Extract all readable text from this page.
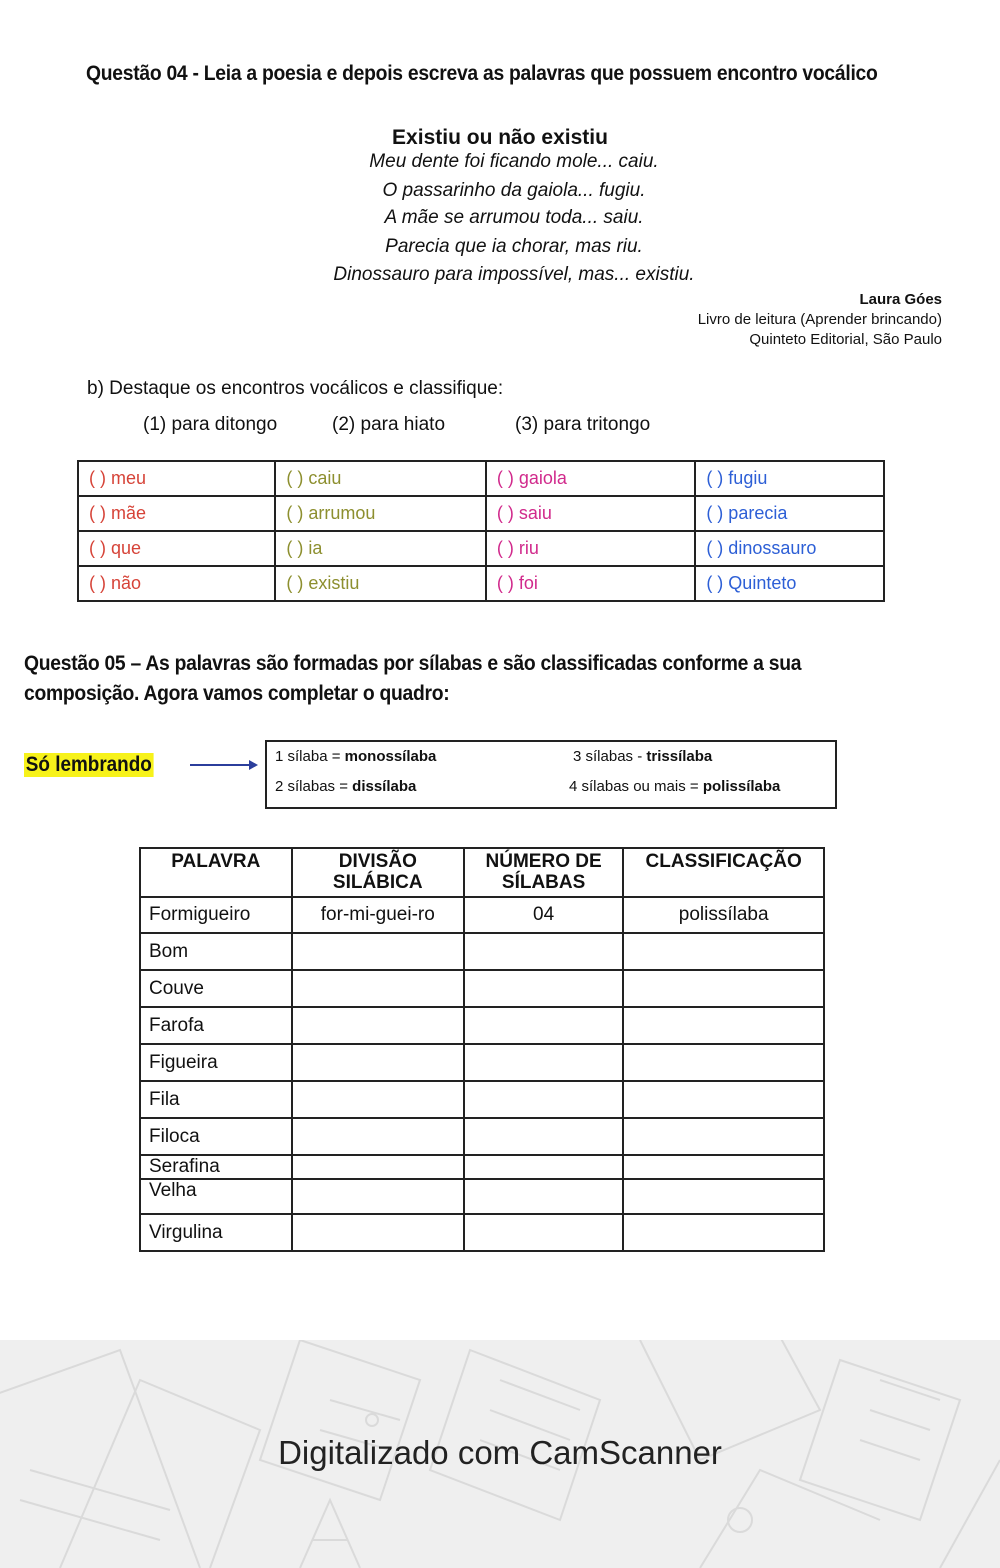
Questão 04 - Leia a poesia e depois escreva as palavras que possuem encontro vocálico
Existiu ou não existiu
Meu dente foi ficando mole... caiu.
O passarinho da gaiola... fugiu.
A mãe se arrumou toda... saiu.
Parecia que ia chorar, mas riu.
Dinossauro para impossível, mas... existiu.
Laura Góes
Livro de leitura (Aprender brincando)
Quinteto Editorial, São Paulo
b) Destaque os encontros vocálicos e classifique:
(1) para ditongo	(2) para hiato	(3) para tritongo
( ) meu	( ) caiu	( ) gaiola	( ) fugiu
( ) mãe	( ) arrumou	( ) saiu	( ) parecia
( ) que	( ) ia	( ) riu	( ) dinossauro
( ) não	( ) existiu	( ) foi	( ) Quinteto
Questão 05 – As palavras são formadas por sílabas e são classificadas conforme a sua
composição. Agora vamos completar o quadro:
Só lembrando	1 sílaba = monossílaba	3 sílabas - trissílaba
2 sílabas = dissílaba	4 sílabas ou mais = polissílaba
PALAVRA	DIVISÃO SILÁBICA	NÚMERO DE SÍLABAS	CLASSIFICAÇÃO
Formigueiro	for-mi-guei-ro	04	polissílaba
Bom			
Couve			
Farofa			
Figueira			
Fila			
Filoca			
Serafina			
Velha			
Virgulina			
Digitalizado com CamScanner
